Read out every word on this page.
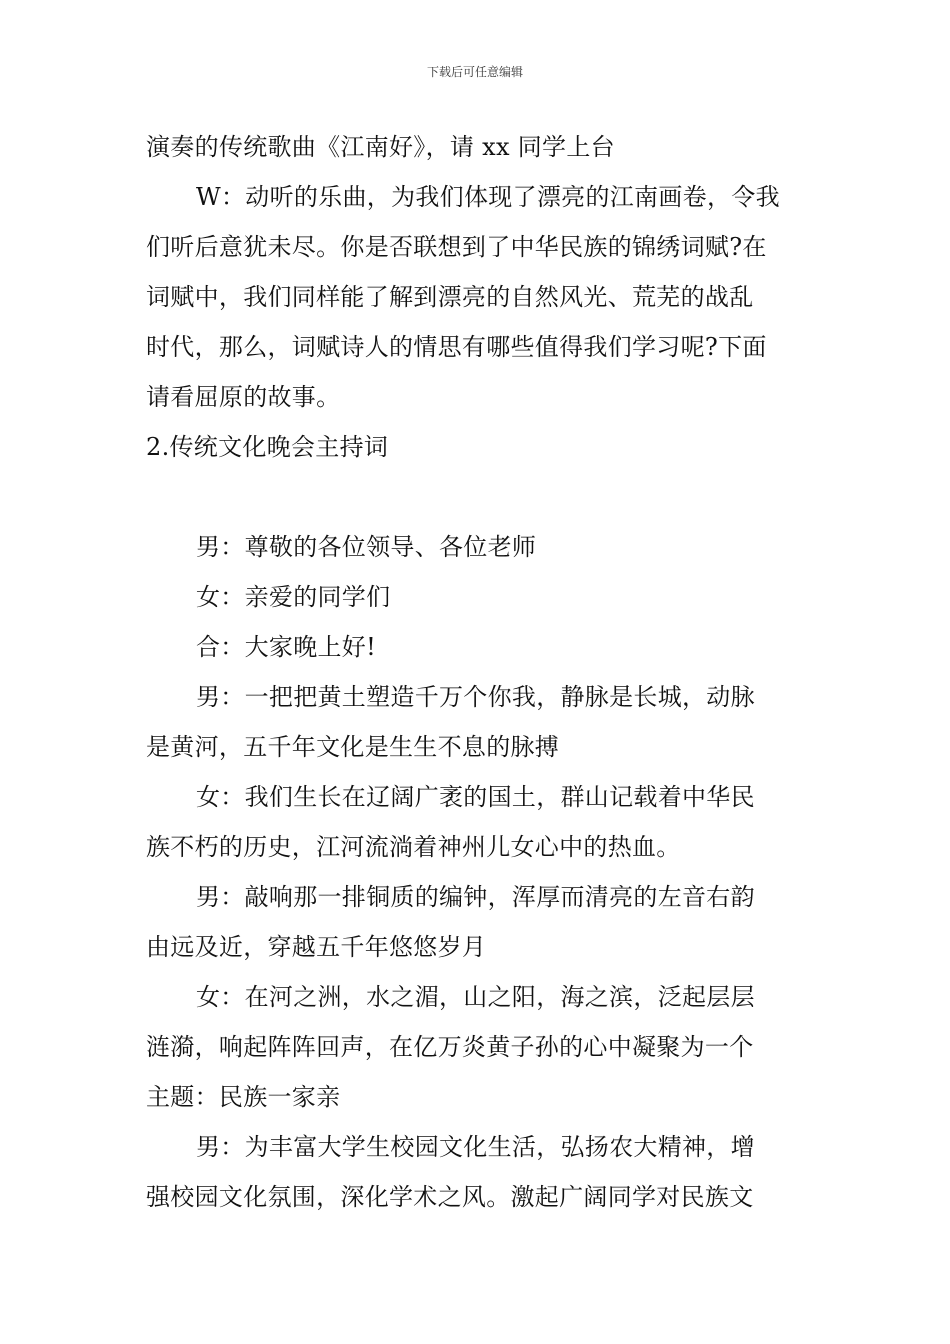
下载后可任意编辑
演奏的传统歌曲《江南好》，请 xx 同学上台
W：动听的乐曲，为我们体现了漂亮的江南画卷，令我
们听后意犹未尽。你是否联想到了中华民族的锦绣词赋?在
词赋中，我们同样能了解到漂亮的自然风光、荒芜的战乱
时代，那么，词赋诗人的情思有哪些值得我们学习呢?下面
请看屈原的故事。
2.传统文化晚会主持词
男：尊敬的各位领导、各位老师
女：亲爱的同学们
合：大家晚上好!
男：一把把黄土塑造千万个你我，静脉是长城，动脉
是黄河，五千年文化是生生不息的脉搏
女：我们生长在辽阔广袤的国土，群山记载着中华民
族不朽的历史，江河流淌着神州儿女心中的热血。
男：敲响那一排铜质的编钟，浑厚而清亮的左音右韵
由远及近，穿越五千年悠悠岁月
女：在河之洲，水之湄，山之阳，海之滨，泛起层层
涟漪，响起阵阵回声，在亿万炎黄子孙的心中凝聚为一个
主题：民族一家亲
男：为丰富大学生校园文化生活，弘扬农大精神，增
强校园文化氛围，深化学术之风。激起广阔同学对民族文
